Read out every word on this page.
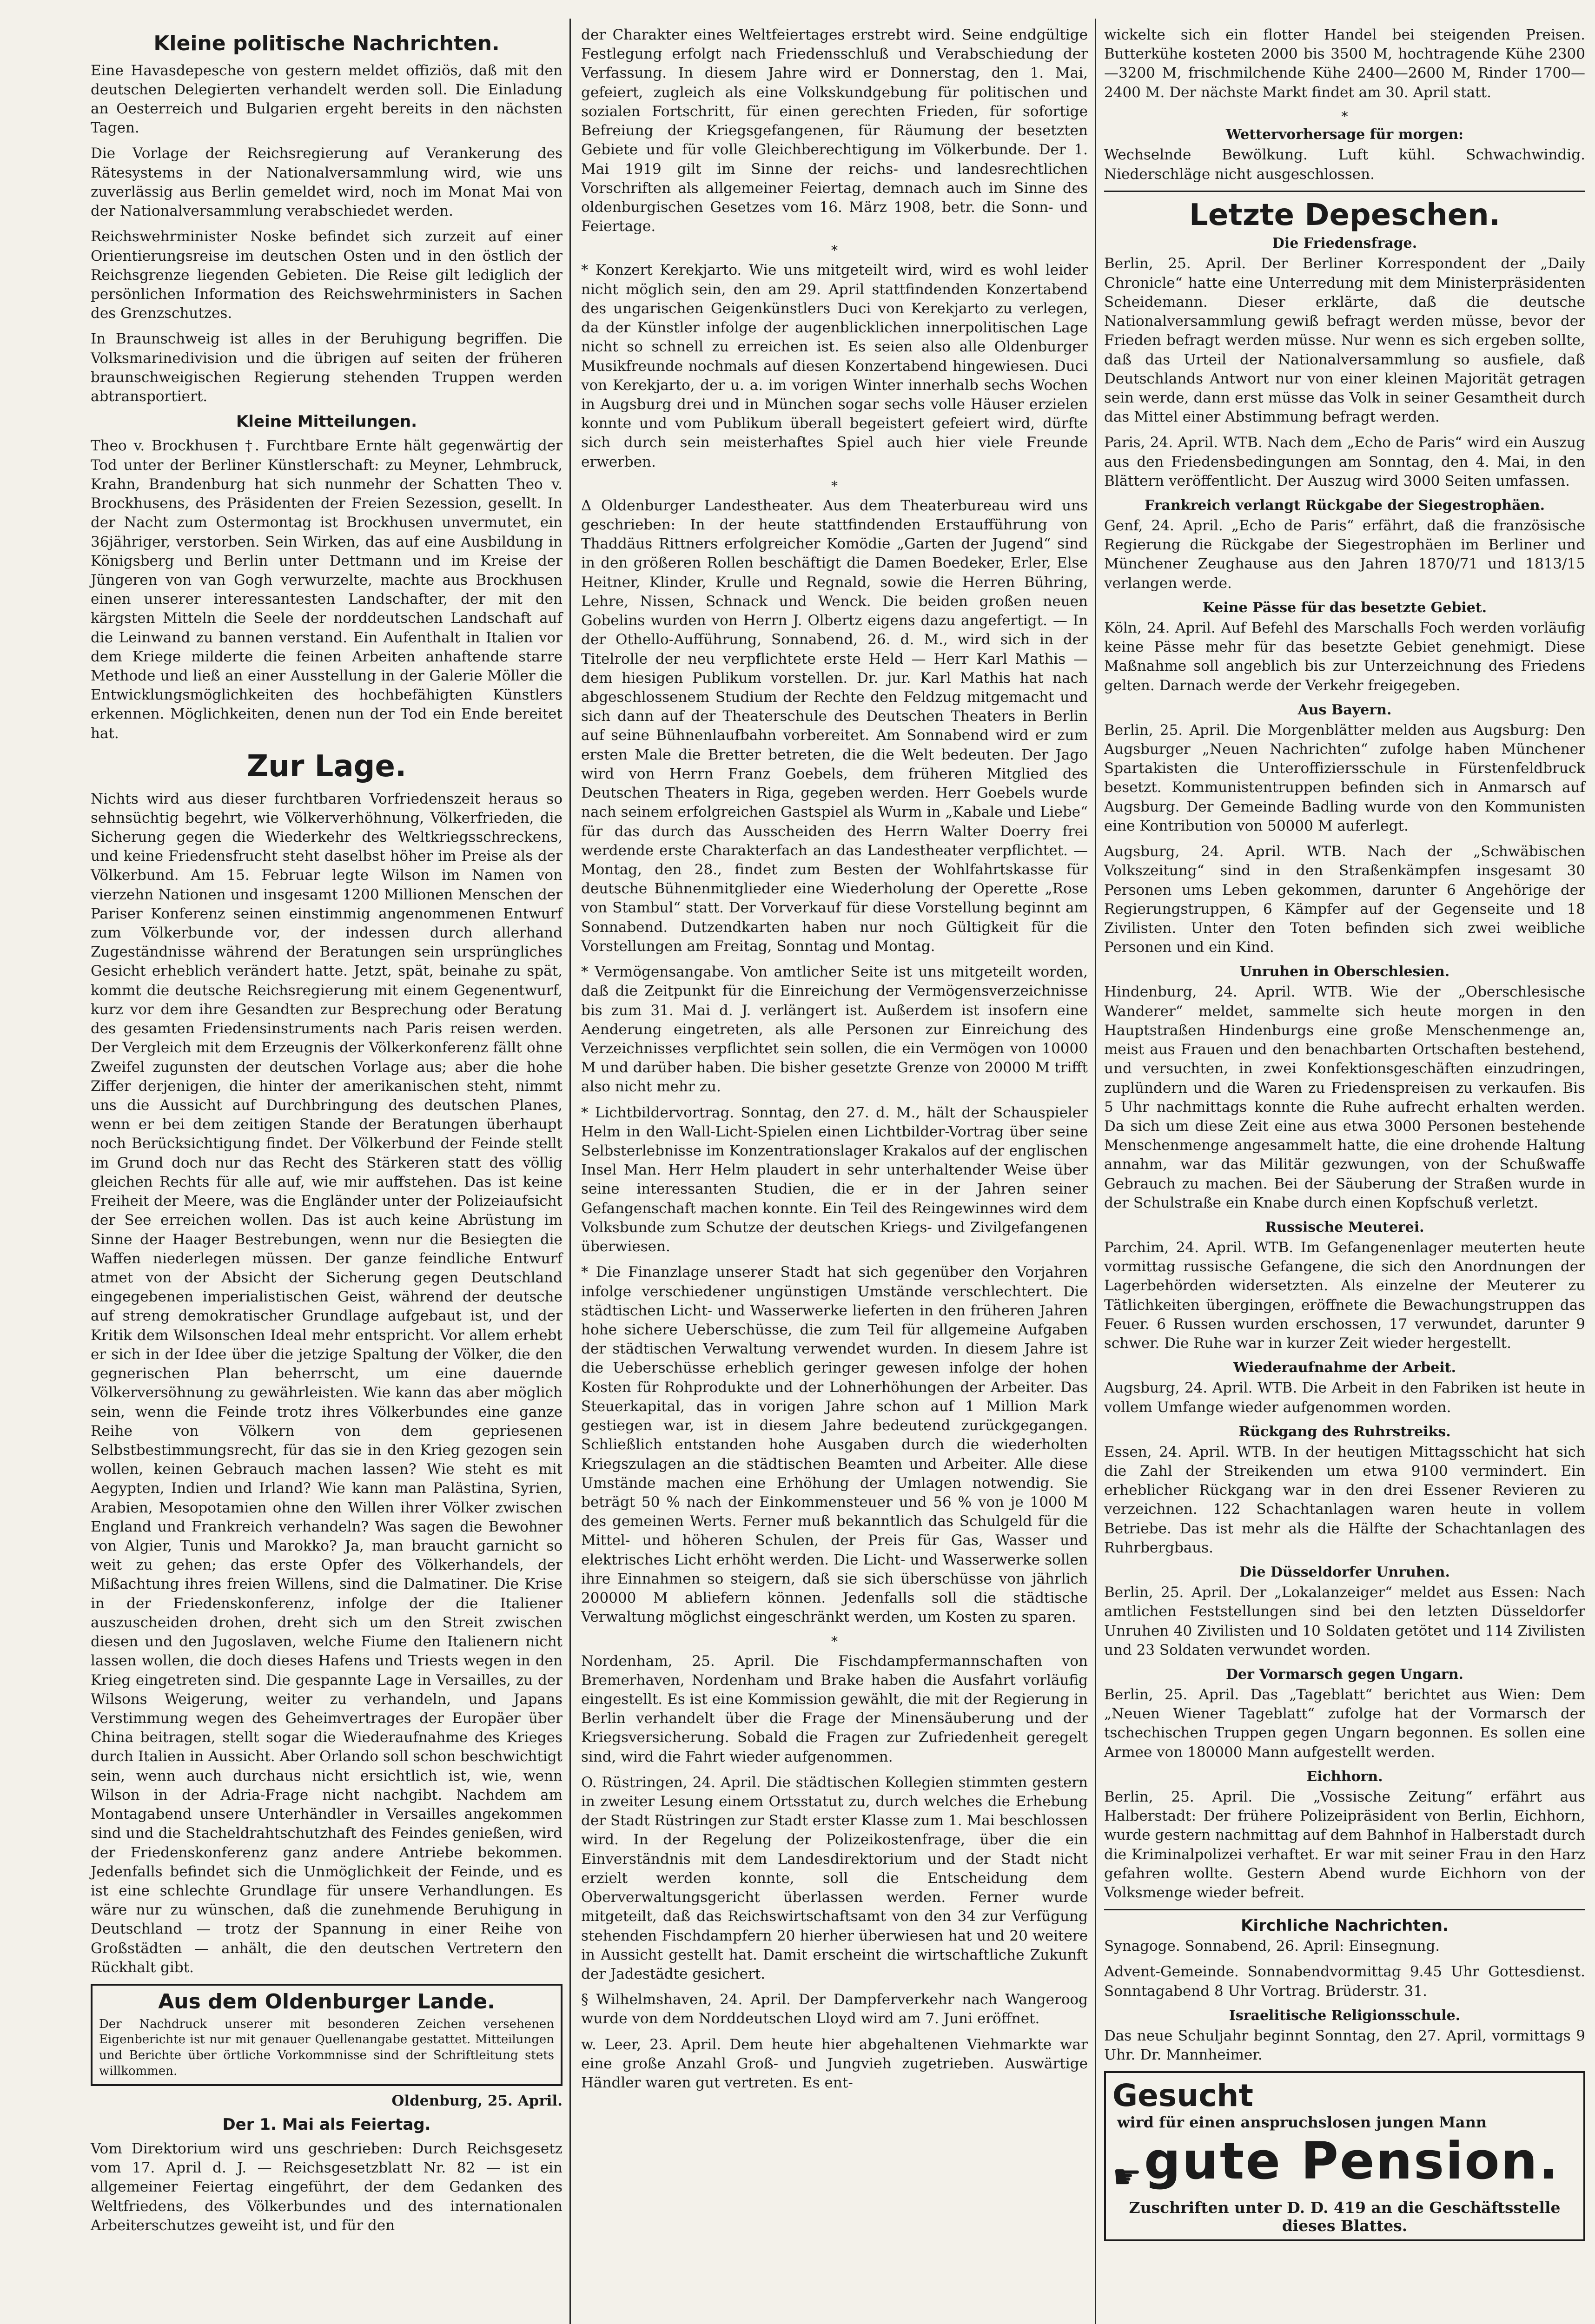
Kleine politische Nachrichten.

Eine Havasdepesche von gestern meldet offiziös, daß mit den deutschen Delegierten verhandelt werden soll. Die Einladung an Oesterreich und Bulgarien ergeht bereits in den nächsten Tagen.

Die Vorlage der Reichsregierung auf Verankerung des Rätesystems in der Nationalversammlung wird, wie uns zuverlässig aus Berlin gemeldet wird, noch im Monat Mai von der Nationalversammlung verabschiedet werden.

Reichswehrminister Noske befindet sich zurzeit auf einer Orientierungsreise im deutschen Osten und in den östlich der Reichsgrenze liegenden Gebieten. Die Reise gilt lediglich der persönlichen Information des Reichswehrministers in Sachen des Grenzschutzes.

In Braunschweig ist alles in der Beruhigung begriffen. Die Volksmarinedivision und die übrigen auf seiten der früheren braunschweigischen Regierung stehenden Truppen werden abtransportiert.

Kleine Mitteilungen.

Theo v. Brockhusen †. Furchtbare Ernte hält gegenwärtig der Tod unter der Berliner Künstlerschaft: zu Meyner, Lehmbruck, Krahn, Brandenburg hat sich nunmehr der Schatten Theo v. Brockhusens, des Präsidenten der Freien Sezession, gesellt. In der Nacht zum Ostermontag ist Brockhusen unvermutet, ein 36jähriger, verstorben. Sein Wirken, das auf eine Ausbildung in Königsberg und Berlin unter Dettmann und im Kreise der Jüngeren von van Gogh verwurzelte, machte aus Brockhusen einen unserer interessantesten Landschafter, der mit den kärgsten Mitteln die Seele der norddeutschen Landschaft auf die Leinwand zu bannen verstand. Ein Aufenthalt in Italien vor dem Kriege milderte die feinen Arbeiten anhaftende starre Methode und ließ an einer Ausstellung in der Galerie Möller die Entwicklungsmöglichkeiten des hochbefähigten Künstlers erkennen. Möglichkeiten, denen nun der Tod ein Ende bereitet hat.

Zur Lage.

Nichts wird aus dieser furchtbaren Vorfriedenszeit heraus so sehnsüchtig begehrt, wie Völkerverhöhnung, Völkerfrieden, die Sicherung gegen die Wiederkehr des Weltkriegsschreckens, und keine Friedensfrucht steht daselbst höher im Preise als der Völkerbund. Am 15. Februar legte Wilson im Namen von vierzehn Nationen und insgesamt 1200 Millionen Menschen der Pariser Konferenz seinen einstimmig angenommenen Entwurf zum Völkerbunde vor, der indessen durch allerhand Zugeständnisse während der Beratungen sein ursprüngliches Gesicht erheblich verändert hatte. Jetzt, spät, beinahe zu spät, kommt die deutsche Reichsregierung mit einem Gegenentwurf, kurz vor dem ihre Gesandten zur Besprechung oder Beratung des gesamten Friedensinstruments nach Paris reisen werden. Der Vergleich mit dem Erzeugnis der Völkerkonferenz fällt ohne Zweifel zugunsten der deutschen Vorlage aus; aber die hohe Ziffer derjenigen, die hinter der amerikanischen steht, nimmt uns die Aussicht auf Durchbringung des deutschen Planes, wenn er bei dem zeitigen Stande der Beratungen überhaupt noch Berücksichtigung findet. Der Völkerbund der Feinde stellt im Grund doch nur das Recht des Stärkeren statt des völlig gleichen Rechts für alle auf, wie mir auffstehen. Das ist keine Freiheit der Meere, was die Engländer unter der Polizeiaufsicht der See erreichen wollen. Das ist auch keine Abrüstung im Sinne der Haager Bestrebungen, wenn nur die Besiegten die Waffen niederlegen müssen. Der ganze feindliche Entwurf atmet von der Absicht der Sicherung gegen Deutschland eingegebenen imperialistischen Geist, während der deutsche auf streng demokratischer Grundlage aufgebaut ist, und der Kritik dem Wilsonschen Ideal mehr entspricht. Vor allem erhebt er sich in der Idee über die jetzige Spaltung der Völker, die den gegnerischen Plan beherrscht, um eine dauernde Völkerversöhnung zu gewährleisten. Wie kann das aber möglich sein, wenn die Feinde trotz ihres Völkerbundes eine ganze Reihe von Völkern von dem gepriesenen Selbstbestimmungsrecht, für das sie in den Krieg gezogen sein wollen, keinen Gebrauch machen lassen? Wie steht es mit Aegypten, Indien und Irland? Wie kann man Palästina, Syrien, Arabien, Mesopotamien ohne den Willen ihrer Völker zwischen England und Frankreich verhandeln? Was sagen die Bewohner von Algier, Tunis und Marokko? Ja, man braucht garnicht so weit zu gehen; das erste Opfer des Völkerhandels, der Mißachtung ihres freien Willens, sind die Dalmatiner. Die Krise in der Friedenskonferenz, infolge der die Italiener auszuscheiden drohen, dreht sich um den Streit zwischen diesen und den Jugoslaven, welche Fiume den Italienern nicht lassen wollen, die doch dieses Hafens und Triests wegen in den Krieg eingetreten sind. Die gespannte Lage in Versailles, zu der Wilsons Weigerung, weiter zu verhandeln, und Japans Verstimmung wegen des Geheimvertrages der Europäer über China beitragen, stellt sogar die Wiederaufnahme des Krieges durch Italien in Aussicht. Aber Orlando soll schon beschwichtigt sein, wenn auch durchaus nicht ersichtlich ist, wie, wenn Wilson in der Adria-Frage nicht nachgibt. Nachdem am Montagabend unsere Unterhändler in Versailles angekommen sind und die Stacheldrahtschutzhaft des Feindes genießen, wird der Friedenskonferenz ganz andere Antriebe bekommen. Jedenfalls befindet sich die Unmöglichkeit der Feinde, und es ist eine schlechte Grundlage für unsere Verhandlungen. Es wäre nur zu wünschen, daß die zunehmende Beruhigung in Deutschland — trotz der Spannung in einer Reihe von Großstädten — anhält, die den deutschen Vertretern den Rückhalt gibt.

Aus dem Oldenburger Lande.

Der Nachdruck unserer mit besonderen Zeichen versehenen Eigenberichte ist nur mit genauer Quellenangabe gestattet. Mitteilungen und Berichte über örtliche Vorkommnisse sind der Schriftleitung stets willkommen.

Oldenburg, 25. April.
Der 1. Mai als Feiertag.

Vom Direktorium wird uns geschrieben: Durch Reichsgesetz vom 17. April d. J. — Reichsgesetzblatt Nr. 82 — ist ein allgemeiner Feiertag eingeführt, der dem Gedanken des Weltfriedens, des Völkerbundes und des internationalen Arbeiterschutzes geweiht ist, und für den

der Charakter eines Weltfeiertages erstrebt wird. Seine endgültige Festlegung erfolgt nach Friedensschluß und Verabschiedung der Verfassung. In diesem Jahre wird er Donnerstag, den 1. Mai, gefeiert, zugleich als eine Volkskundgebung für politischen und sozialen Fortschritt, für einen gerechten Frieden, für sofortige Befreiung der Kriegsgefangenen, für Räumung der besetzten Gebiete und für volle Gleichberechtigung im Völkerbunde. Der 1. Mai 1919 gilt im Sinne der reichs- und landesrechtlichen Vorschriften als allgemeiner Feiertag, demnach auch im Sinne des oldenburgischen Gesetzes vom 16. März 1908, betr. die Sonn- und Feiertage.

*

* Konzert Kerekjarto. Wie uns mitgeteilt wird, wird es wohl leider nicht möglich sein, den am 29. April stattfindenden Konzertabend des ungarischen Geigenkünstlers Duci von Kerekjarto zu verlegen, da der Künstler infolge der augenblicklichen innerpolitischen Lage nicht so schnell zu erreichen ist. Es seien also alle Oldenburger Musikfreunde nochmals auf diesen Konzertabend hingewiesen. Duci von Kerekjarto, der u. a. im vorigen Winter innerhalb sechs Wochen in Augsburg drei und in München sogar sechs volle Häuser erzielen konnte und vom Publikum überall begeistert gefeiert wird, dürfte sich durch sein meisterhaftes Spiel auch hier viele Freunde erwerben.

*

Δ Oldenburger Landestheater. Aus dem Theaterbureau wird uns geschrieben: In der heute stattfindenden Erstaufführung von Thaddäus Rittners erfolgreicher Komödie „Garten der Jugend“ sind in den größeren Rollen beschäftigt die Damen Boedeker, Erler, Else Heitner, Klinder, Krulle und Regnald, sowie die Herren Bühring, Lehre, Nissen, Schnack und Wenck. Die beiden großen neuen Gobelins wurden von Herrn J. Olbertz eigens dazu angefertigt. — In der Othello-Aufführung, Sonnabend, 26. d. M., wird sich in der Titelrolle der neu verpflichtete erste Held — Herr Karl Mathis — dem hiesigen Publikum vorstellen. Dr. jur. Karl Mathis hat nach abgeschlossenem Studium der Rechte den Feldzug mitgemacht und sich dann auf der Theaterschule des Deutschen Theaters in Berlin auf seine Bühnenlaufbahn vorbereitet. Am Sonnabend wird er zum ersten Male die Bretter betreten, die die Welt bedeuten. Der Jago wird von Herrn Franz Goebels, dem früheren Mitglied des Deutschen Theaters in Riga, gegeben werden. Herr Goebels wurde nach seinem erfolgreichen Gastspiel als Wurm in „Kabale und Liebe“ für das durch das Ausscheiden des Herrn Walter Doerry frei werdende erste Charakterfach an das Landestheater verpflichtet. — Montag, den 28., findet zum Besten der Wohlfahrtskasse für deutsche Bühnenmitglieder eine Wiederholung der Operette „Rose von Stambul“ statt. Der Vorverkauf für diese Vorstellung beginnt am Sonnabend. Dutzendkarten haben nur noch Gültigkeit für die Vorstellungen am Freitag, Sonntag und Montag.

* Vermögensangabe. Von amtlicher Seite ist uns mitgeteilt worden, daß die Zeitpunkt für die Einreichung der Vermögensverzeichnisse bis zum 31. Mai d. J. verlängert ist. Außerdem ist insofern eine Aenderung eingetreten, als alle Personen zur Einreichung des Verzeichnisses verpflichtet sein sollen, die ein Vermögen von 10000 M und darüber haben. Die bisher gesetzte Grenze von 20000 M trifft also nicht mehr zu.

* Lichtbildervortrag. Sonntag, den 27. d. M., hält der Schauspieler Helm in den Wall-Licht-Spielen einen Lichtbilder-Vortrag über seine Selbsterlebnisse im Konzentrationslager Krakalos auf der englischen Insel Man. Herr Helm plaudert in sehr unterhaltender Weise über seine interessanten Studien, die er in der Jahren seiner Gefangenschaft machen konnte. Ein Teil des Reingewinnes wird dem Volksbunde zum Schutze der deutschen Kriegs- und Zivilgefangenen überwiesen.

* Die Finanzlage unserer Stadt hat sich gegenüber den Vorjahren infolge verschiedener ungünstigen Umstände verschlechtert. Die städtischen Licht- und Wasserwerke lieferten in den früheren Jahren hohe sichere Ueberschüsse, die zum Teil für allgemeine Aufgaben der städtischen Verwaltung verwendet wurden. In diesem Jahre ist die Ueberschüsse erheblich geringer gewesen infolge der hohen Kosten für Rohprodukte und der Lohnerhöhungen der Arbeiter. Das Steuerkapital, das in vorigen Jahre schon auf 1 Million Mark gestiegen war, ist in diesem Jahre bedeutend zurückgegangen. Schließlich entstanden hohe Ausgaben durch die wiederholten Kriegszulagen an die städtischen Beamten und Arbeiter. Alle diese Umstände machen eine Erhöhung der Umlagen notwendig. Sie beträgt 50 % nach der Einkommensteuer und 56 % von je 1000 M des gemeinen Werts. Ferner muß bekanntlich das Schulgeld für die Mittel- und höheren Schulen, der Preis für Gas, Wasser und elektrisches Licht erhöht werden. Die Licht- und Wasserwerke sollen ihre Einnahmen so steigern, daß sie sich überschüsse von jährlich 200000 M abliefern können. Jedenfalls soll die städtische Verwaltung möglichst eingeschränkt werden, um Kosten zu sparen.

*

Nordenham, 25. April. Die Fischdampfermannschaften von Bremerhaven, Nordenham und Brake haben die Ausfahrt vorläufig eingestellt. Es ist eine Kommission gewählt, die mit der Regierung in Berlin verhandelt über die Frage der Minensäuberung und der Kriegsversicherung. Sobald die Fragen zur Zufriedenheit geregelt sind, wird die Fahrt wieder aufgenommen.

O. Rüstringen, 24. April. Die städtischen Kollegien stimmten gestern in zweiter Lesung einem Ortsstatut zu, durch welches die Erhebung der Stadt Rüstringen zur Stadt erster Klasse zum 1. Mai beschlossen wird. In der Regelung der Polizeikostenfrage, über die ein Einverständnis mit dem Landesdirektorium und der Stadt nicht erzielt werden konnte, soll die Entscheidung dem Oberverwaltungsgericht überlassen werden. Ferner wurde mitgeteilt, daß das Reichswirtschaftsamt von den 34 zur Verfügung stehenden Fischdampfern 20 hierher überwiesen hat und 20 weitere in Aussicht gestellt hat. Damit erscheint die wirtschaftliche Zukunft der Jadestädte gesichert.

§ Wilhelmshaven, 24. April. Der Dampferverkehr nach Wangeroog wurde von dem Norddeutschen Lloyd wird am 7. Juni eröffnet.

w. Leer, 23. April. Dem heute hier abgehaltenen Viehmarkte war eine große Anzahl Groß- und Jungvieh zugetrieben. Auswärtige Händler waren gut vertreten. Es ent-

wickelte sich ein flotter Handel bei steigenden Preisen. Butterkühe kosteten 2000 bis 3500 M, hochtragende Kühe 2300—3200 M, frischmilchende Kühe 2400—2600 M, Rinder 1700—2400 M. Der nächste Markt findet am 30. April statt.

*
Wettervorhersage für morgen:

Wechselnde Bewölkung. Luft kühl. Schwachwindig. Niederschläge nicht ausgeschlossen.

Letzte Depeschen.
Die Friedensfrage.

Berlin, 25. April. Der Berliner Korrespondent der „Daily Chronicle“ hatte eine Unterredung mit dem Ministerpräsidenten Scheidemann. Dieser erklärte, daß die deutsche Nationalversammlung gewiß befragt werden müsse, bevor der Frieden befragt werden müsse. Nur wenn es sich ergeben sollte, daß das Urteil der Nationalversammlung so ausfiele, daß Deutschlands Antwort nur von einer kleinen Majorität getragen sein werde, dann erst müsse das Volk in seiner Gesamtheit durch das Mittel einer Abstimmung befragt werden.

Paris, 24. April. WTB. Nach dem „Echo de Paris“ wird ein Auszug aus den Friedensbedingungen am Sonntag, den 4. Mai, in den Blättern veröffentlicht. Der Auszug wird 3000 Seiten umfassen.

Frankreich verlangt Rückgabe der Siegestrophäen.

Genf, 24. April. „Echo de Paris“ erfährt, daß die französische Regierung die Rückgabe der Siegestrophäen im Berliner und Münchener Zeughause aus den Jahren 1870/71 und 1813/15 verlangen werde.

Keine Pässe für das besetzte Gebiet.

Köln, 24. April. Auf Befehl des Marschalls Foch werden vorläufig keine Pässe mehr für das besetzte Gebiet genehmigt. Diese Maßnahme soll angeblich bis zur Unterzeichnung des Friedens gelten. Darnach werde der Verkehr freigegeben.

Aus Bayern.

Berlin, 25. April. Die Morgenblätter melden aus Augsburg: Den Augsburger „Neuen Nachrichten“ zufolge haben Münchener Spartakisten die Unteroffiziersschule in Fürstenfeldbruck besetzt. Kommunistentruppen befinden sich in Anmarsch auf Augsburg. Der Gemeinde Badling wurde von den Kommunisten eine Kontribution von 50000 M auferlegt.

Augsburg, 24. April. WTB. Nach der „Schwäbischen Volkszeitung“ sind in den Straßenkämpfen insgesamt 30 Personen ums Leben gekommen, darunter 6 Angehörige der Regierungstruppen, 6 Kämpfer auf der Gegenseite und 18 Zivilisten. Unter den Toten befinden sich zwei weibliche Personen und ein Kind.

Unruhen in Oberschlesien.

Hindenburg, 24. April. WTB. Wie der „Oberschlesische Wanderer“ meldet, sammelte sich heute morgen in den Hauptstraßen Hindenburgs eine große Menschenmenge an, meist aus Frauen und den benachbarten Ortschaften bestehend, und versuchten, in zwei Konfektionsgeschäften einzudringen, zuplündern und die Waren zu Friedenspreisen zu verkaufen. Bis 5 Uhr nachmittags konnte die Ruhe aufrecht erhalten werden. Da sich um diese Zeit eine aus etwa 3000 Personen bestehende Menschenmenge angesammelt hatte, die eine drohende Haltung annahm, war das Militär gezwungen, von der Schußwaffe Gebrauch zu machen. Bei der Säuberung der Straßen wurde in der Schulstraße ein Knabe durch einen Kopfschuß verletzt.

Russische Meuterei.

Parchim, 24. April. WTB. Im Gefangenenlager meuterten heute vormittag russische Gefangene, die sich den Anordnungen der Lagerbehörden widersetzten. Als einzelne der Meuterer zu Tätlichkeiten übergingen, eröffnete die Bewachungstruppen das Feuer. 6 Russen wurden erschossen, 17 verwundet, darunter 9 schwer. Die Ruhe war in kurzer Zeit wieder hergestellt.

Wiederaufnahme der Arbeit.

Augsburg, 24. April. WTB. Die Arbeit in den Fabriken ist heute in vollem Umfange wieder aufgenommen worden.

Rückgang des Ruhrstreiks.

Essen, 24. April. WTB. In der heutigen Mittagsschicht hat sich die Zahl der Streikenden um etwa 9100 vermindert. Ein erheblicher Rückgang war in den drei Essener Revieren zu verzeichnen. 122 Schachtanlagen waren heute in vollem Betriebe. Das ist mehr als die Hälfte der Schachtanlagen des Ruhrbergbaus.

Die Düsseldorfer Unruhen.

Berlin, 25. April. Der „Lokalanzeiger“ meldet aus Essen: Nach amtlichen Feststellungen sind bei den letzten Düsseldorfer Unruhen 40 Zivilisten und 10 Soldaten getötet und 114 Zivilisten und 23 Soldaten verwundet worden.

Der Vormarsch gegen Ungarn.

Berlin, 25. April. Das „Tageblatt“ berichtet aus Wien: Dem „Neuen Wiener Tageblatt“ zufolge hat der Vormarsch der tschechischen Truppen gegen Ungarn begonnen. Es sollen eine Armee von 180000 Mann aufgestellt werden.

Eichhorn.

Berlin, 25. April. Die „Vossische Zeitung“ erfährt aus Halberstadt: Der frühere Polizeipräsident von Berlin, Eichhorn, wurde gestern nachmittag auf dem Bahnhof in Halberstadt durch die Kriminalpolizei verhaftet. Er war mit seiner Frau in den Harz gefahren wollte. Gestern Abend wurde Eichhorn von der Volksmenge wieder befreit.

Kirchliche Nachrichten.

Synagoge. Sonnabend, 26. April: Einsegnung.

Advent-Gemeinde. Sonnabendvormittag 9.45 Uhr Gottesdienst. Sonntagabend 8 Uhr Vortrag. Brüderstr. 31.

Israelitische Religionsschule.

Das neue Schuljahr beginnt Sonntag, den 27. April, vormittags 9 Uhr. Dr. Mannheimer.

Gesucht wird für einen anspruchslosen jungen Mann
☛ gute Pension.
Zuschriften unter D. D. 419 an die Geschäftsstelle dieses Blattes.
